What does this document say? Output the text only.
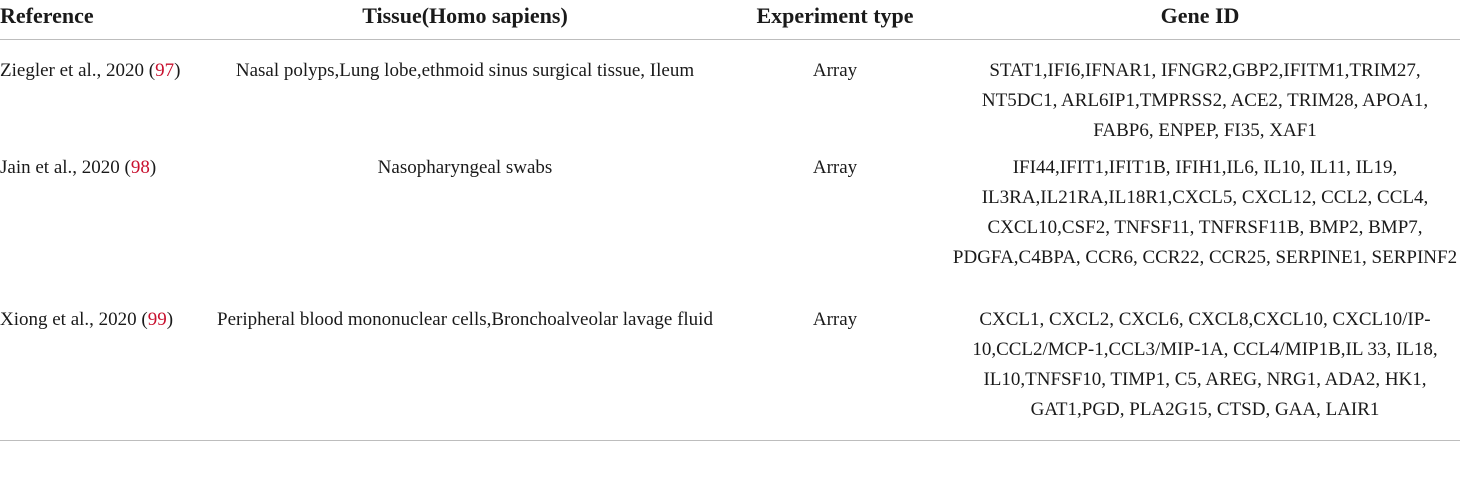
Reference	Tissue(Homo sapiens)	Experiment type	Gene ID
Ziegler et al., 2020 (97)	Nasal polyps,Lung lobe,ethmoid sinus surgical tissue, Ileum	Array	STAT1,IFI6,IFNAR1, IFNGR2,GBP2,IFITM1,TRIM27, NT5DC1, ARL6IP1,TMPRSS2, ACE2, TRIM28, APOA1, FABP6, ENPEP, FI35, XAF1
Jain et al., 2020 (98)	Nasopharyngeal swabs	Array	IFI44,IFIT1,IFIT1B, IFIH1,IL6, IL10, IL11, IL19, IL3RA,IL21RA,IL18R1,CXCL5, CXCL12, CCL2, CCL4, CXCL10,CSF2, TNFSF11, TNFRSF11B, BMP2, BMP7, PDGFA,C4BPA, CCR6, CCR22, CCR25, SERPINE1, SERPINF2
Xiong et al., 2020 (99)	Peripheral blood mononuclear cells,Bronchoalveolar lavage fluid	Array	CXCL1, CXCL2, CXCL6, CXCL8,CXCL10, CXCL10/IP-10,CCL2/MCP-1,CCL3/MIP-1A, CCL4/MIP1B,IL 33, IL18, IL10,TNFSF10, TIMP1, C5, AREG, NRG1, ADA2, HK1, GAT1,PGD, PLA2G15, CTSD, GAA, LAIR1
